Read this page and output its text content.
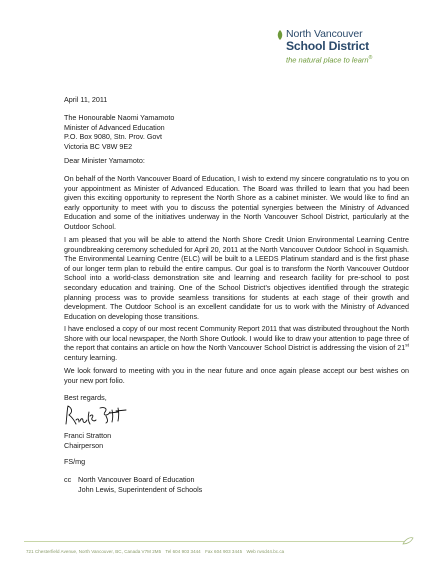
North Vancouver
School District
the natural place to learn®
April 11, 2011
The Honourable Naomi Yamamoto
Minister of Advanced Education
P.O. Box 9080, Stn. Prov. Govt
Victoria BC V8W 9E2
Dear Minister Yamamoto:

On behalf of the North Vancouver Board of Education, I wish to extend my sincere congratulatio ns to you on your appointment as Minister of Advanced Education. The Board was thrilled to learn that you had been given this exciting opportunity to represent the North Shore as a cabinet minister. We would like to find an early opportunity to meet with you to discuss the potential synergies between the Ministry of Advanced Education and some of the initiatives underway in the North Vancouver School District, particularly at the Outdoor School.

I am pleased that you will be able to attend the North Shore Credit Union Environmental Learning Centre groundbreaking ceremony scheduled for April 20, 2011 at the North Vancouver Outdoor School in Squamish. The Environmental Learning Centre (ELC) will be built to a LEEDS Platinum standard and is the first phase of our longer term plan to rebuild the entire campus. Our goal is to transform the North Vancouver Outdoor School into a world-class demonstration site and learning and research facility for pre-school to post secondary education and training. One of the School District’s objectives identified through the strategic planning process was to provide seamless transitions for students at each stage of their growth and development. The Outdoor School is an excellent candidate for us to work with the Ministry of Advanced Education on developing those transitions.

I have enclosed a copy of our most recent Community Report 2011 that was distributed throughout the North Shore with our local newspaper, the North Shore Outlook. I would like to draw your attention to page three of the report that contains an article on how the North Vancouver School District is addressing the vision of 21st century learning.

We look forward to meeting with you in the near future and once again please accept our best wishes on your new port folio.

Best regards,
Franci Stratton
Chairperson
FS/mg
cc North Vancouver Board of Education
John Lewis, Superintendent of Schools
721 Chesterfield Avenue, North Vancouver, BC, Canada V7M 2M5 Tel 604 903 3444 Fax 604 903 3445 Web nvsd44.bc.ca
